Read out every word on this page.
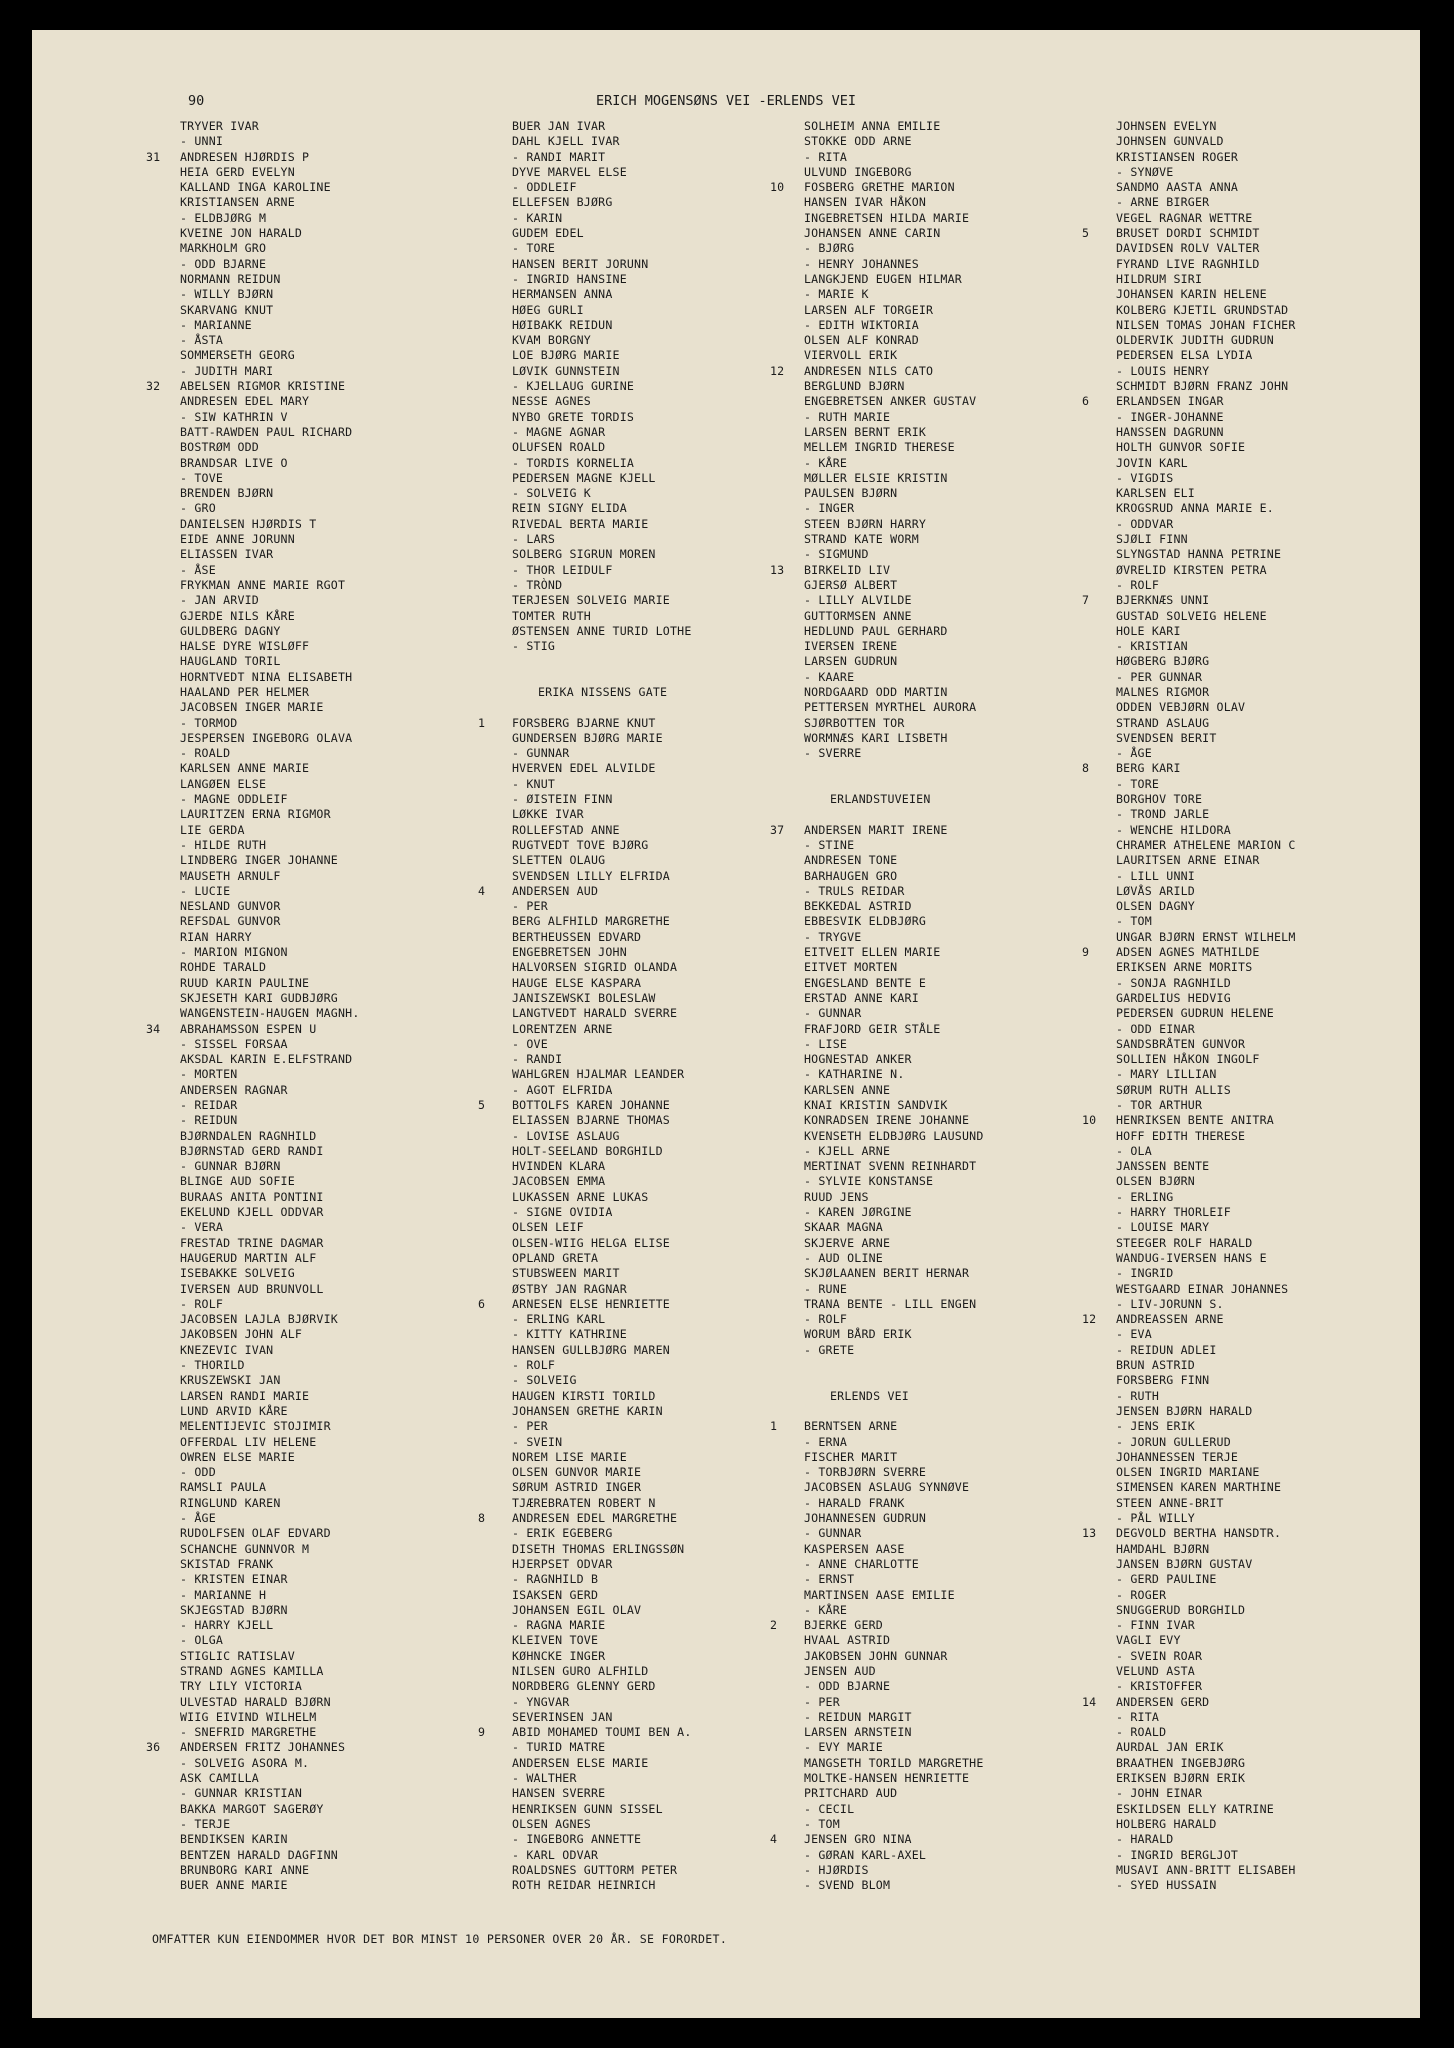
90	ERICH MOGENSØNS VEI -ERLENDS VEI
TRYVER IVAR
- UNNI
31 ANDRESEN HJØRDIS P
HEIA GERD EVELYN
KALLAND INGA KAROLINE
KRISTIANSEN ARNE
- ELDBJØRG M
KVEINE JON HARALD
MARKHOLM GRO
- ODD BJARNE
NORMANN REIDUN
- WILLY BJØRN
SKARVANG KNUT
- MARIANNE
- ÅSTA
SOMMERSETH GEORG
- JUDITH MARI
32 ABELSEN RIGMOR KRISTINE
ANDRESEN EDEL MARY
- SIW KATHRIN V
BATT-RAWDEN PAUL RICHARD
BOSTRØM ODD
BRANDSAR LIVE O
- TOVE
BRENDEN BJØRN
- GRO
DANIELSEN HJØRDIS T
EIDE ANNE JORUNN
ELIASSEN IVAR
- ÅSE
FRYKMAN ANNE MARIE RGOT
- JAN ARVID
GJERDE NILS KÅRE
GULDBERG DAGNY
HALSE DYRE WISLØFF
HAUGLAND TORIL
HORNTVEDT NINA ELISABETH
HAALAND PER HELMER
JACOBSEN INGER MARIE
- TORMOD
JESPERSEN INGEBORG OLAVA
- ROALD
KARLSEN ANNE MARIE
LANGØEN ELSE
- MAGNE ODDLEIF
LAURITZEN ERNA RIGMOR
LIE GERDA
- HILDE RUTH
LINDBERG INGER JOHANNE
MAUSETH ARNULF
- LUCIE
NESLAND GUNVOR
REFSDAL GUNVOR
RIAN HARRY
- MARION MIGNON
ROHDE TARALD
RUUD KARIN PAULINE
SKJESETH KARI GUDBJØRG
WANGENSTEIN-HAUGEN MAGNH.
34 ABRAHAMSSON ESPEN U
- SISSEL FORSAA
AKSDAL KARIN E.ELFSTRAND
- MORTEN
ANDERSEN RAGNAR
- REIDAR
- REIDUN
BJØRNDALEN RAGNHILD
BJØRNSTAD GERD RANDI
- GUNNAR BJØRN
BLINGE AUD SOFIE
BURAAS ANITA PONTINI
EKELUND KJELL ODDVAR
- VERA
FRESTAD TRINE DAGMAR
HAUGERUD MARTIN ALF
ISEBAKKE SOLVEIG
IVERSEN AUD BRUNVOLL
- ROLF
JACOBSEN LAJLA BJØRVIK
JAKOBSEN JOHN ALF
KNEZEVIC IVAN
- THORILD
KRUSZEWSKI JAN
LARSEN RANDI MARIE
LUND ARVID KÅRE
MELENTIJEVIC STOJIMIR
OFFERDAL LIV HELENE
OWREN ELSE MARIE
- ODD
RAMSLI PAULA
RINGLUND KAREN
- ÅGE
RUDOLFSEN OLAF EDVARD
SCHANCHE GUNNVOR M
SKISTAD FRANK
- KRISTEN EINAR
- MARIANNE H
SKJEGSTAD BJØRN
- HARRY KJELL
- OLGA
STIGLIC RATISLAV
STRAND AGNES KAMILLA
TRY LILY VICTORIA
ULVESTAD HARALD BJØRN
WIIG EIVIND WILHELM
- SNEFRID MARGRETHE
36 ANDERSEN FRITZ JOHANNES
- SOLVEIG ASORA M.
ASK CAMILLA
- GUNNAR KRISTIAN
BAKKA MARGOT SAGERØY
- TERJE
BENDIKSEN KARIN
BENTZEN HARALD DAGFINN
BRUNBORG KARI ANNE
BUER ANNE MARIE
BUER JAN IVAR
DAHL KJELL IVAR
- RANDI MARIT
DYVE MARVEL ELSE
- ODDLEIF
ELLEFSEN BJØRG
- KARIN
GUDEM EDEL
- TORE
HANSEN BERIT JORUNN
- INGRID HANSINE
HERMANSEN ANNA
HØEG GURLI
HØIBAKK REIDUN
KVAM BORGNY
LOE BJØRG MARIE
LØVIK GUNNSTEIN
- KJELLAUG GURINE
NESSE AGNES
NYBO GRETE TORDIS
- MAGNE AGNAR
OLUFSEN ROALD
- TORDIS KORNELIA
PEDERSEN MAGNE KJELL
- SOLVEIG K
REIN SIGNY ELIDA
RIVEDAL BERTA MARIE
- LARS
SOLBERG SIGRUN MOREN
- THOR LEIDULF
- TRÒND
TERJESEN SOLVEIG MARIE
TOMTER RUTH
ØSTENSEN ANNE TURID LOTHE
- STIG
ERIKA NISSENS GATE
1 FORSBERG BJARNE KNUT
GUNDERSEN BJØRG MARIE
- GUNNAR
HVERVEN EDEL ALVILDE
- KNUT
- ØISTEIN FINN
LØKKE IVAR
ROLLEFSTAD ANNE
RUGTVEDT TOVE BJØRG
SLETTEN OLAUG
SVENDSEN LILLY ELFRIDA
4 ANDERSEN AUD
- PER
BERG ALFHILD MARGRETHE
BERTHEUSSEN EDVARD
ENGEBRETSEN JOHN
HALVORSEN SIGRID OLANDA
HAUGE ELSE KASPARA
JANISZEWSKI BOLESLAW
LANGTVEDT HARALD SVERRE
LORENTZEN ARNE
- OVE
- RANDI
WAHLGREN HJALMAR LEANDER
- AGOT ELFRIDA
5 BOTTOLFS KAREN JOHANNE
ELIASSEN BJARNE THOMAS
- LOVISE ASLAUG
HOLT-SEELAND BORGHILD
HVINDEN KLARA
JACOBSEN EMMA
LUKASSEN ARNE LUKAS
- SIGNE OVIDIA
OLSEN LEIF
OLSEN-WIIG HELGA ELISE
OPLAND GRETA
STUBSWEEN MARIT
ØSTBY JAN RAGNAR
6 ARNESEN ELSE HENRIETTE
- ERLING KARL
- KITTY KATHRINE
HANSEN GULLBJØRG MAREN
- ROLF
- SOLVEIG
HAUGEN KIRSTI TORILD
JOHANSEN GRETHE KARIN
- PER
- SVEIN
NOREM LISE MARIE
OLSEN GUNVOR MARIE
SØRUM ASTRID INGER
TJÆREBRATEN ROBERT N
8 ANDRESEN EDEL MARGRETHE
- ERIK EGEBERG
DISETH THOMAS ERLINGSSØN
HJERPSET ODVAR
- RAGNHILD B
ISAKSEN GERD
JOHANSEN EGIL OLAV
- RAGNA MARIE
KLEIVEN TOVE
KØHNCKE INGER
NILSEN GURO ALFHILD
NORDBERG GLENNY GERD
- YNGVAR
SEVERINSEN JAN
9 ABID MOHAMED TOUMI BEN A.
- TURID MATRE
ANDERSEN ELSE MARIE
- WALTHER
HANSEN SVERRE
HENRIKSEN GUNN SISSEL
OLSEN AGNES
- INGEBORG ANNETTE
- KARL ODVAR
ROALDSNES GUTTORM PETER
ROTH REIDAR HEINRICH
SOLHEIM ANNA EMILIE
STOKKE ODD ARNE
- RITA
ULVUND INGEBORG
10 FOSBERG GRETHE MARION
HANSEN IVAR HÅKON
INGEBRETSEN HILDA MARIE
JOHANSEN ANNE CARIN
- BJØRG
- HENRY JOHANNES
LANGKJEND EUGEN HILMAR
- MARIE K
LARSEN ALF TORGEIR
- EDITH WIKTORIA
OLSEN ALF KONRAD
VIERVOLL ERIK
12 ANDRESEN NILS CATO
BERGLUND BJØRN
ENGEBRETSEN ANKER GUSTAV
- RUTH MARIE
LARSEN BERNT ERIK
MELLEM INGRID THERESE
- KÅRE
MØLLER ELSIE KRISTIN
PAULSEN BJØRN
- INGER
STEEN BJØRN HARRY
STRAND KATE WORM
- SIGMUND
13 BIRKELID LIV
GJERSØ ALBERT
- LILLY ALVILDE
GUTTORMSEN ANNE
HEDLUND PAUL GERHARD
IVERSEN IRENE
LARSEN GUDRUN
- KAARE
NORDGAARD ODD MARTIN
PETTERSEN MYRTHEL AURORA
SJØRBOTTEN TOR
WORMNÆS KARI LISBETH
- SVERRE
ERLANDSTUVEIEN
37 ANDERSEN MARIT IRENE
- STINE
ANDRESEN TONE
BARHAUGEN GRO
- TRULS REIDAR
BEKKEDAL ASTRID
EBBESVIK ELDBJØRG
- TRYGVE
EITVEIT ELLEN MARIE
EITVET MORTEN
ENGESLAND BENTE E
ERSTAD ANNE KARI
- GUNNAR
FRAFJORD GEIR STÅLE
- LISE
HOGNESTAD ANKER
- KATHARINE N.
KARLSEN ANNE
KNAI KRISTIN SANDVIK
KONRADSEN IRENE JOHANNE
KVENSETH ELDBJØRG LAUSUND
- KJELL ARNE
MERTINAT SVENN REINHARDT
- SYLVIE KONSTANSE
RUUD JENS
- KAREN JØRGINE
SKAAR MAGNA
SKJERVE ARNE
- AUD OLINE
SKJØLAANEN BERIT HERNAR
- RUNE
TRANA BENTE - LILL ENGEN
- ROLF
WORUM BÅRD ERIK
- GRETE
ERLENDS VEI
1 BERNTSEN ARNE
- ERNA
FISCHER MARIT
- TORBJØRN SVERRE
JACOBSEN ASLAUG SYNNØVE
- HARALD FRANK
JOHANNESEN GUDRUN
- GUNNAR
KASPERSEN AASE
- ANNE CHARLOTTE
- ERNST
MARTINSEN AASE EMILIE
- KÅRE
2 BJERKE GERD
HVAAL ASTRID
JAKOBSEN JOHN GUNNAR
JENSEN AUD
- ODD BJARNE
- PER
- REIDUN MARGIT
LARSEN ARNSTEIN
- EVY MARIE
MANGSETH TORILD MARGRETHE
MOLTKE-HANSEN HENRIETTE
PRITCHARD AUD
- CECIL
- TOM
4 JENSEN GRO NINA
- GØRAN KARL-AXEL
- HJØRDIS
- SVEND BLOM
JOHNSEN EVELYN
JOHNSEN GUNVALD
KRISTIANSEN ROGER
- SYNØVE
SANDMO AASTA ANNA
- ARNE BIRGER
VEGEL RAGNAR WETTRE
5 BRUSET DORDI SCHMIDT
DAVIDSEN ROLV VALTER
FYRAND LIVE RAGNHILD
HILDRUM SIRI
JOHANSEN KARIN HELENE
KOLBERG KJETIL GRUNDSTAD
NILSEN TOMAS JOHAN FICHER
OLDERVIK JUDITH GUDRUN
PEDERSEN ELSA LYDIA
- LOUIS HENRY
SCHMIDT BJØRN FRANZ JOHN
6 ERLANDSEN INGAR
- INGER-JOHANNE
HANSSEN DAGRUNN
HOLTH GUNVOR SOFIE
JOVIN KARL
- VIGDIS
KARLSEN ELI
KROGSRUD ANNA MARIE E.
- ODDVAR
SJØLI FINN
SLYNGSTAD HANNA PETRINE
ØVRELID KIRSTEN PETRA
- ROLF
7 BJERKNÆS UNNI
GUSTAD SOLVEIG HELENE
HOLE KARI
- KRISTIAN
HØGBERG BJØRG
- PER GUNNAR
MALNES RIGMOR
ODDEN VEBJØRN OLAV
STRAND ASLAUG
SVENDSEN BERIT
- ÅGE
8 BERG KARI
- TORE
BORGHOV TORE
- TROND JARLE
- WENCHE HILDORA
CHRAMER ATHELENE MARION C
LAURITSEN ARNE EINAR
- LILL UNNI
LØVÅS ARILD
OLSEN DAGNY
- TOM
UNGAR BJØRN ERNST WILHELM
9 ADSEN AGNES MATHILDE
ERIKSEN ARNE MORITS
- SONJA RAGNHILD
GARDELIUS HEDVIG
PEDERSEN GUDRUN HELENE
- ODD EINAR
SANDSBRÅTEN GUNVOR
SOLLIEN HÅKON INGOLF
- MARY LILLIAN
SØRUM RUTH ALLIS
- TOR ARTHUR
10 HENRIKSEN BENTE ANITRA
HOFF EDITH THERESE
- OLA
JANSSEN BENTE
OLSEN BJØRN
- ERLING
- HARRY THORLEIF
- LOUISE MARY
STEEGER ROLF HARALD
WANDUG-IVERSEN HANS E
- INGRID
WESTGAARD EINAR JOHANNES
- LIV-JORUNN S.
12 ANDREASSEN ARNE
- EVA
- REIDUN ADLEI
BRUN ASTRID
FORSBERG FINN
- RUTH
JENSEN BJØRN HARALD
- JENS ERIK
- JORUN GULLERUD
JOHANNESSEN TERJE
OLSEN INGRID MARIANE
SIMENSEN KAREN MARTHINE
STEEN ANNE-BRIT
- PÅL WILLY
13 DEGVOLD BERTHA HANSDTR.
HAMDAHL BJØRN
JANSEN BJØRN GUSTAV
- GERD PAULINE
- ROGER
SNUGGERUD BORGHILD
- FINN IVAR
VAGLI EVY
- SVEIN ROAR
VELUND ASTA
- KRISTOFFER
14 ANDERSEN GERD
- RITA
- ROALD
AURDAL JAN ERIK
BRAATHEN INGEBJØRG
ERIKSEN BJØRN ERIK
- JOHN EINAR
ESKILDSEN ELLY KATRINE
HOLBERG HARALD
- HARALD
- INGRID BERGLJOT
MUSAVI ANN-BRITT ELISABEH
- SYED HUSSAIN
OMFATTER KUN EIENDOMMER HVOR DET BOR MINST 10 PERSONER OVER 20 ÅR. SE FORORDET.
